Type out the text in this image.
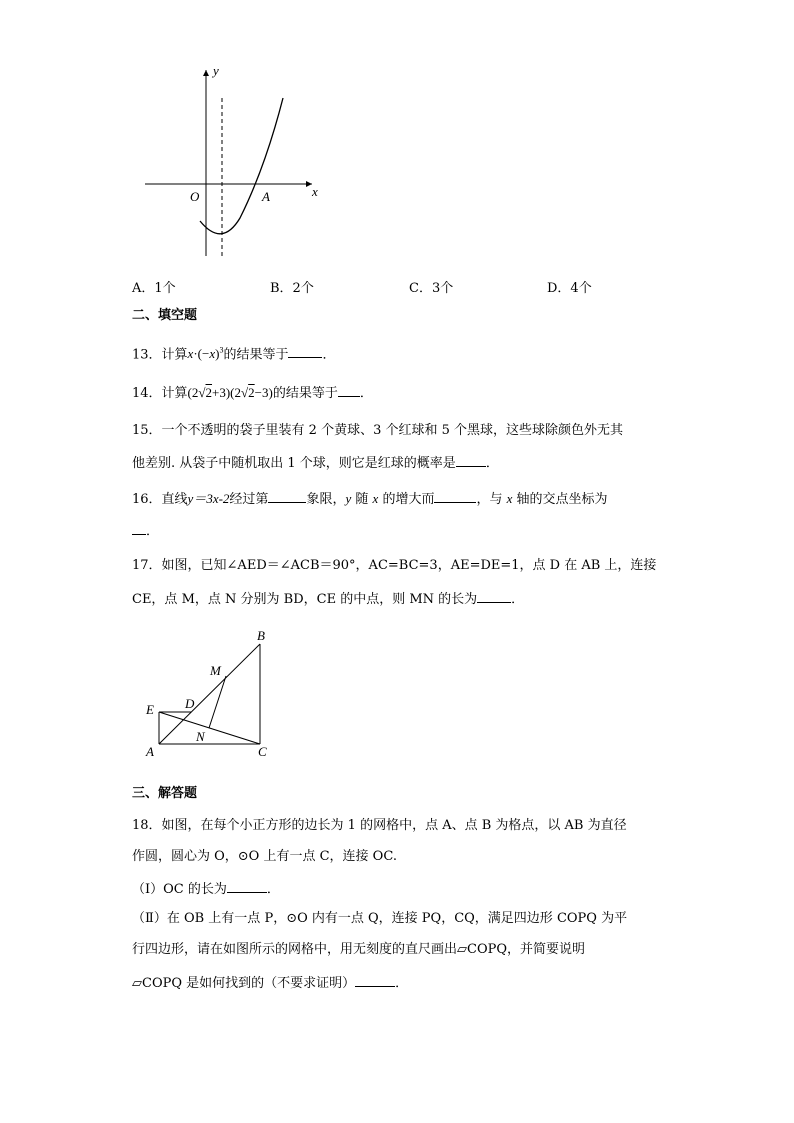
y
x
O	A
A．1个	B．2个	C．3个	D．4个
二、填空题
13．计算$x\cdot(-x)^3$的结果等于	．
14．计算(2√2+3)(2√2−3)的结果等于 ．
15．一个不透明的袋子里装有 2 个黄球、3 个红球和 5 个黑球，这些球除颜色外无其
他差别. 从袋子中随机取出 1 个球，则它是红球的概率是 ．
16．直线y＝3x-2经过第	象限，y 随 x 的增大而	，与 x 轴的交点坐标为
．
17．如图，已知∠AED＝∠ACB＝90°，AC=BC=3，AE=DE=1，点 D 在 AB 上，连接
CE，点 M，点 N 分别为 BD，CE 的中点，则 MN 的长为	．
B
M
E D
N
A	C
三、解答题
18．如图，在每个小正方形的边长为 1 的网格中，点 A、点 B 为格点，以 AB 为直径
作圆，圆心为 O，⊙O 上有一点 C，连接 OC.
（Ⅰ）OC 的长为	．
（Ⅱ）在 OB 上有一点 P，⊙O 内有一点 Q，连接 PQ，CQ，满足四边形 COPQ 为平
行四边形，请在如图所示的网格中，用无刻度的直尺画出▱COPQ，并简要说明
▱COPQ 是如何找到的（不要求证明）	．
